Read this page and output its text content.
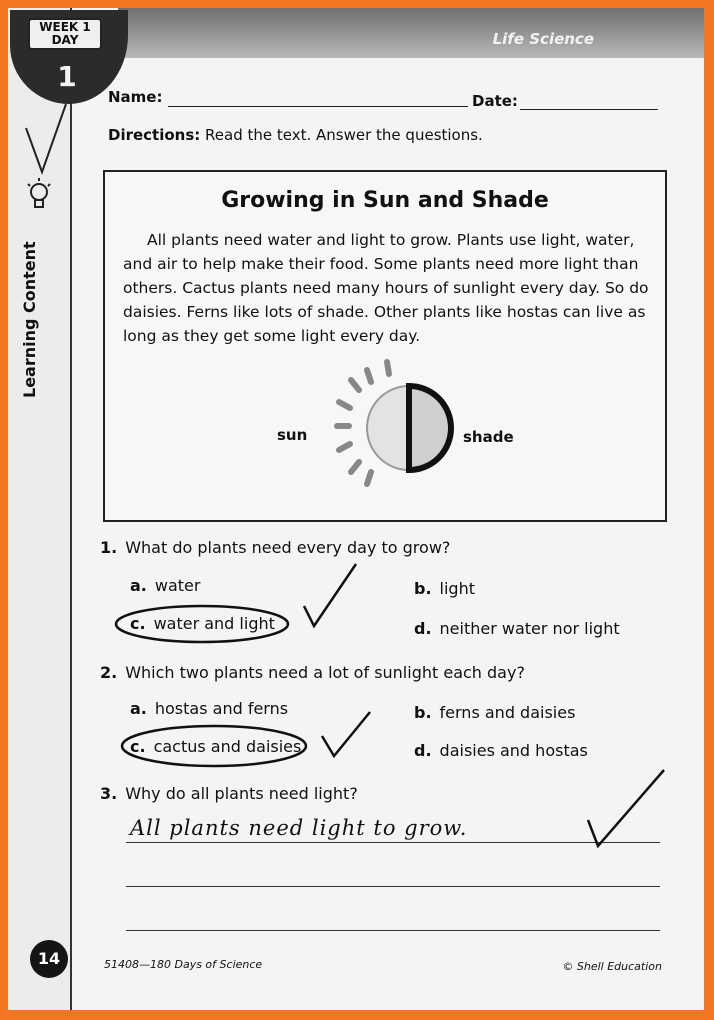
Life Science
WEEK 1
DAY
1
Learning Content
Name:	Date:
Directions: Read the text. Answer the questions.
Growing in Sun and Shade
All plants need water and light to grow. Plants use light, water, and air to help make their food. Some plants need more light than others. Cactus plants need many hours of sunlight every day. So do daisies. Ferns like lots of shade. Other plants like hostas can live as long as they get some light every day.
sun	shade
1. What do plants need every day to grow?
a. water	b. light
c. water and light	d. neither water nor light
2. Which two plants need a lot of sunlight each day?
a. hostas and ferns	b. ferns and daisies
c. cactus and daisies	d. daisies and hostas
3. Why do all plants need light?
All plants need light to grow.
14	51408—180 Days of Science	© Shell Education
